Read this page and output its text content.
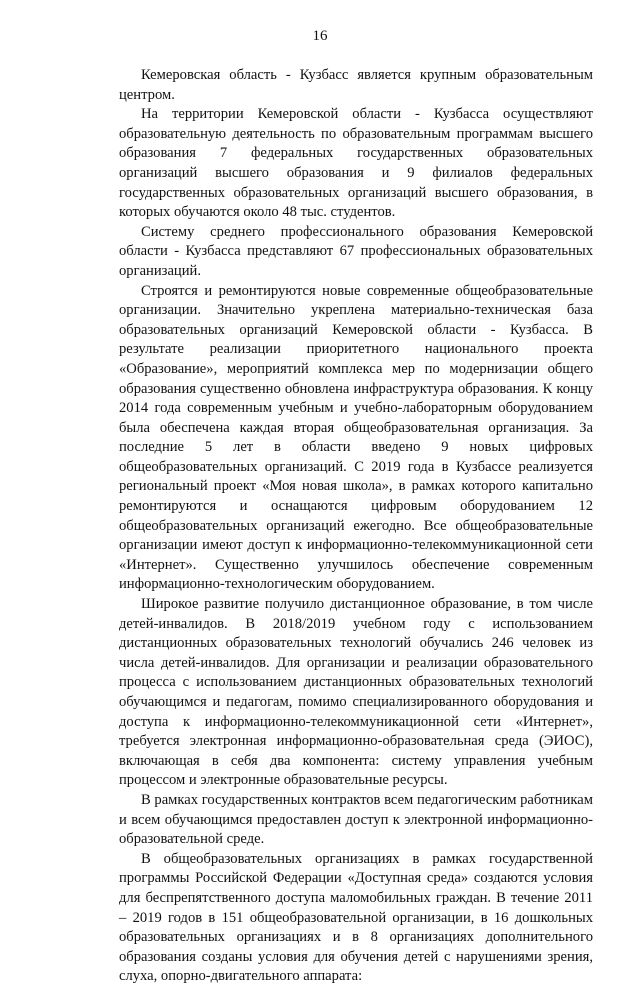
16

Кемеровская область - Кузбасс является крупным образовательным центром.

На территории Кемеровской области - Кузбасса осуществляют образовательную деятельность по образовательным программам высшего образования 7 федеральных государственных образовательных организаций высшего образования и 9 филиалов федеральных государственных образовательных организаций высшего образования, в которых обучаются около 48 тыс. студентов.

Систему среднего профессионального образования Кемеровской области - Кузбасса представляют 67 профессиональных образовательных организаций.

Строятся и ремонтируются новые современные общеобразовательные организации. Значительно укреплена материально-техническая база образовательных организаций Кемеровской области - Кузбасса. В результате реализации приоритетного национального проекта «Образование», мероприятий комплекса мер по модернизации общего образования существенно обновлена инфраструктура образования. К концу 2014 года современным учебным и учебно-лабораторным оборудованием была обеспечена каждая вторая общеобразовательная организация. За последние 5 лет в области введено 9 новых цифровых общеобразовательных организаций. С 2019 года в Кузбассе реализуется региональный проект «Моя новая школа», в рамках которого капитально ремонтируются и оснащаются цифровым оборудованием 12 общеобразовательных организаций ежегодно. Все общеобразовательные организации имеют доступ к информационно-телекоммуникационной сети «Интернет». Существенно улучшилось обеспечение современным информационно-технологическим оборудованием.

Широкое развитие получило дистанционное образование, в том числе детей-инвалидов. В 2018/2019 учебном году с использованием дистанционных образовательных технологий обучались 246 человек из числа детей-инвалидов. Для организации и реализации образовательного процесса с использованием дистанционных образовательных технологий обучающимся и педагогам, помимо специализированного оборудования и доступа к информационно-телекоммуникационной сети «Интернет», требуется электронная информационно-образовательная среда (ЭИОС), включающая в себя два компонента: систему управления учебным процессом и электронные образовательные ресурсы.

В рамках государственных контрактов всем педагогическим работникам и всем обучающимся предоставлен доступ к электронной информационно-образовательной среде.

В общеобразовательных организациях в рамках государственной программы Российской Федерации «Доступная среда» создаются условия для беспрепятственного доступа маломобильных граждан. В течение 2011 – 2019 годов в 151 общеобразовательной организации, в 16 дошкольных образовательных организациях и в 8 организациях дополнительного образования созданы условия для обучения детей с нарушениями зрения, слуха, опорно-двигательного аппарата:
